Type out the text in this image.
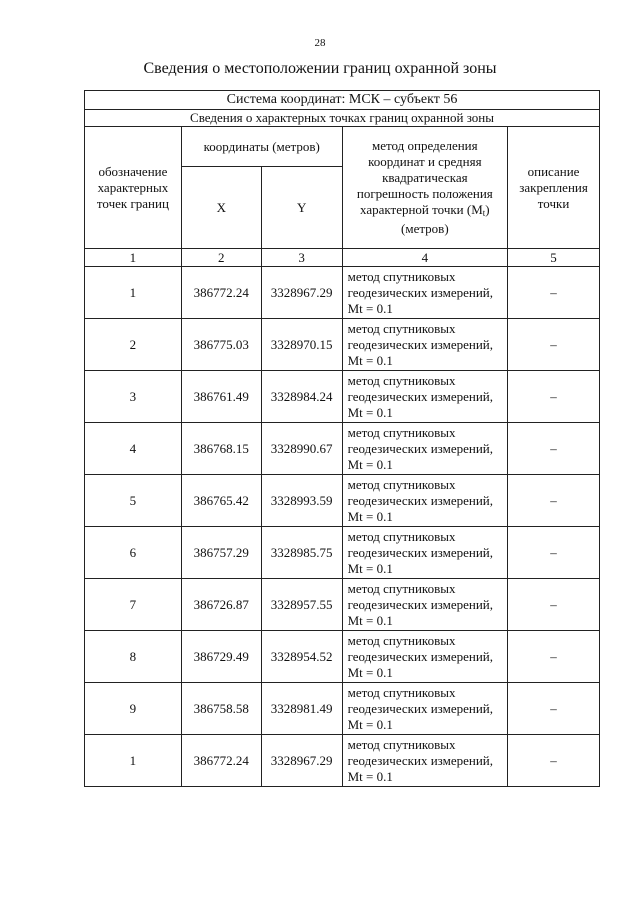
28
Сведения о местоположении границ охранной зоны
Система координат: МСК – субъект 56				
Сведения о характерных точках границ охранной зоны				
обозначение характерных точек границ	координаты (метров)		метод определения координат и средняя квадратическая погрешность положения характерной точки $(M_t)$ (метров)	описание закрепления точки
	X	Y		
1	2	3	4	5
1	386772.24	3328967.29	метод спутниковых геодезических измерений, Mt = 0.1	–
2	386775.03	3328970.15	метод спутниковых геодезических измерений, Mt = 0.1	–
3	386761.49	3328984.24	метод спутниковых геодезических измерений, Mt = 0.1	–
4	386768.15	3328990.67	метод спутниковых геодезических измерений, Mt = 0.1	–
5	386765.42	3328993.59	метод спутниковых геодезических измерений, Mt = 0.1	–
6	386757.29	3328985.75	метод спутниковых геодезических измерений, Mt = 0.1	–
7	386726.87	3328957.55	метод спутниковых геодезических измерений, Mt = 0.1	–
8	386729.49	3328954.52	метод спутниковых геодезических измерений, Mt = 0.1	–
9	386758.58	3328981.49	метод спутниковых геодезических измерений, Mt = 0.1	–
1	386772.24	3328967.29	метод спутниковых геодезических измерений, Mt = 0.1	–
